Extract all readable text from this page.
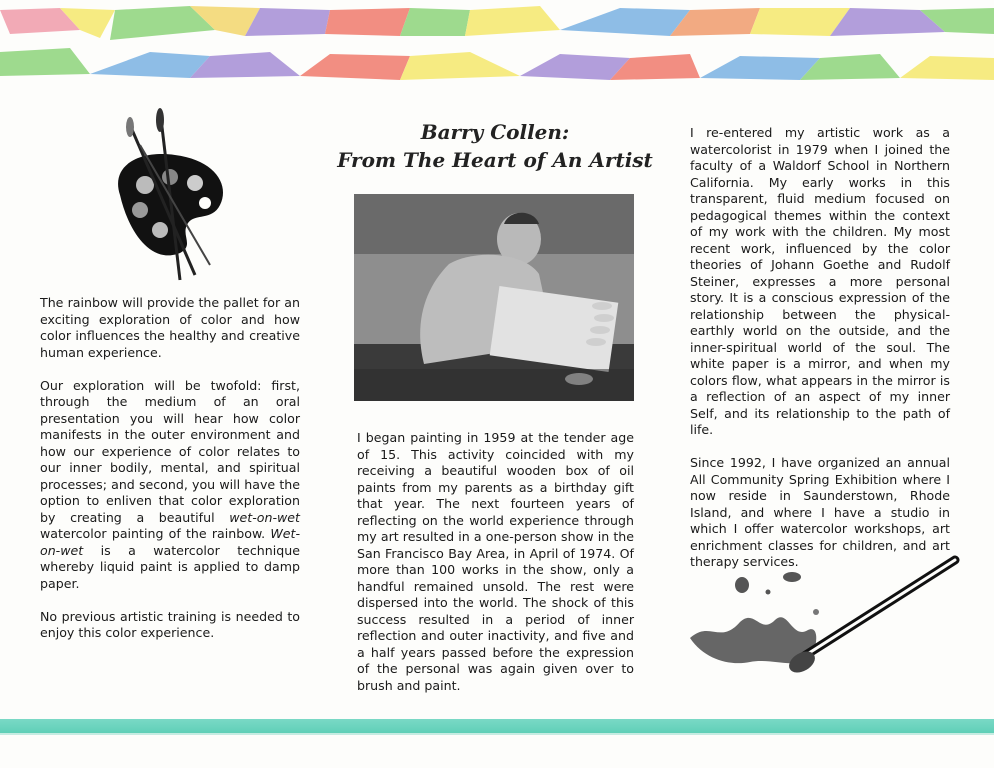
Barry Collen:
From The Heart of An Artist

The rainbow will provide the pallet for an exciting exploration of color and how color influences the healthy and creative human experience.

Our exploration will be twofold: first, through the medium of an oral presentation you will hear how color manifests in the outer environment and how our experience of color relates to our inner bodily, mental, and spiritual processes; and second, you will have the option to enliven that color exploration by creating a beautiful wet-on-wet watercolor painting of the rainbow. Wet-on-wet is a watercolor technique whereby liquid paint is applied to damp paper.

No previous artistic training is needed to enjoy this color experience.

I began painting in 1959 at the tender age of 15. This activity coincided with my receiving a beautiful wooden box of oil paints from my parents as a birthday gift that year. The next fourteen years of reflecting on the world experience through my art resulted in a one-person show in the San Francisco Bay Area, in April of 1974. Of more than 100 works in the show, only a handful remained unsold. The rest were dispersed into the world. The shock of this success resulted in a period of inner reflection and outer inactivity, and five and a half years passed before the expression of the personal was again given over to brush and paint.

I re-entered my artistic work as a watercolorist in 1979 when I joined the faculty of a Waldorf School in Northern California. My early works in this transparent, fluid medium focused on pedagogical themes within the context of my work with the children. My most recent work, influenced by the color theories of Johann Goethe and Rudolf Steiner, expresses a more personal story. It is a conscious expression of the relationship between the physical-earthly world on the outside, and the inner-spiritual world of the soul. The white paper is a mirror, and when my colors flow, what appears in the mirror is a reflection of an aspect of my inner Self, and its relationship to the path of life.

Since 1992, I have organized an annual All Community Spring Exhibition where I now reside in Saunderstown, Rhode Island, and where I have a studio in which I offer watercolor workshops, art enrichment classes for children, and art therapy services.
